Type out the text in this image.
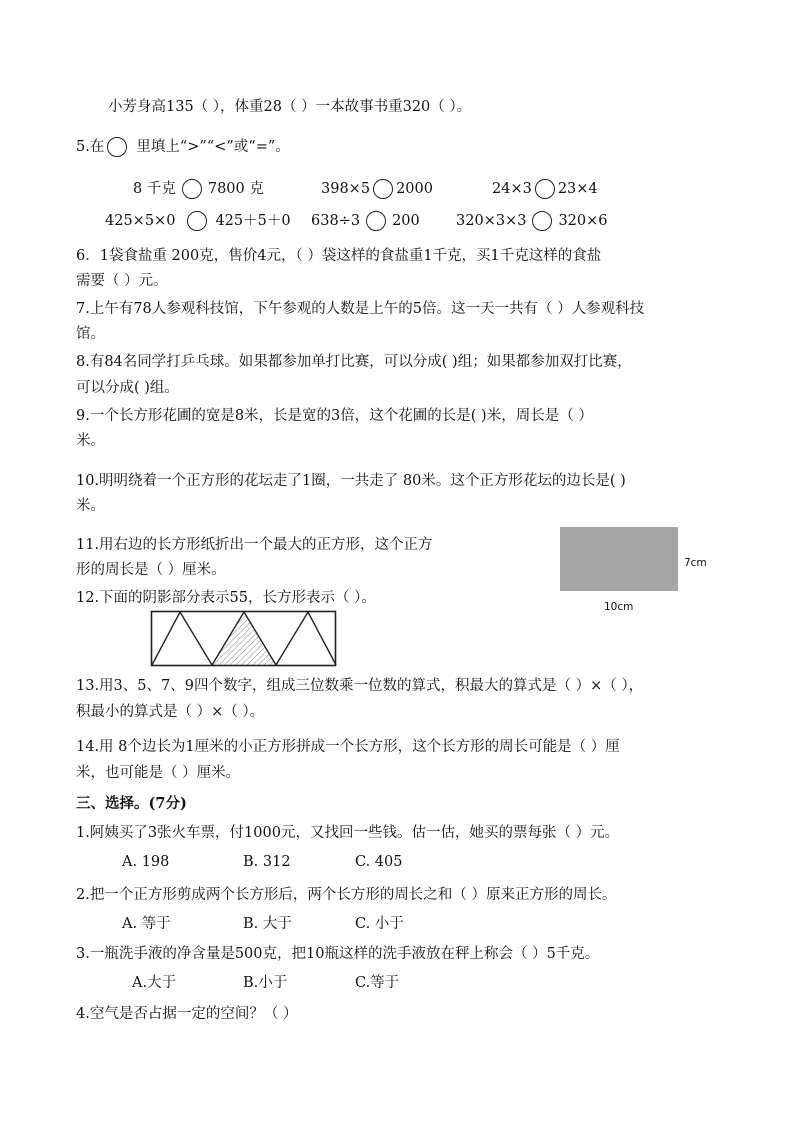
小芳身高135（ ），体重28（ ）一本故事书重320（ ）。
5.在 里填上“>”“<”或“=”。
8 千克 7800 克	398×5 2000	24×3 23×4
425×5×0	425＋5＋0 638÷3 200	320×3×3 320×6
6．1袋食盐重 200克，售价4元，（ ）袋这样的食盐重1千克，买1千克这样的食盐
需要（ ）元。
7.上午有78人参观科技馆，下午参观的人数是上午的5倍。这一天一共有（ ）人参观科技
馆。
8.有84名同学打乒乓球。如果都参加单打比赛，可以分成( )组；如果都参加双打比赛，
可以分成( )组。
9.一个长方形花圃的宽是8米，长是宽的3倍，这个花圃的长是( )米，周长是（ ）
米。
10.明明绕着一个正方形的花坛走了1圈，一共走了 80米。这个正方形花坛的边长是( )
米。
11.用右边的长方形纸折出一个最大的正方形，这个正方
形的周长是（ ）厘米。	7cm
10cm
12.下面的阴影部分表示55，长方形表示（ ）。
13.用3、5、7、9四个数字，组成三位数乘一位数的算式，积最大的算式是（ ）×（ ），
积最小的算式是（ ）×（ ）。
14.用 8个边长为1厘米的小正方形拼成一个长方形，这个长方形的周长可能是（ ）厘
米，也可能是（ ）厘米。
三、选择。(7分)
1.阿姨买了3张火车票，付1000元，又找回一些钱。估一估，她买的票每张（ ）元。
A. 198	B. 312	C. 405
2.把一个正方形剪成两个长方形后，两个长方形的周长之和（ ）原来正方形的周长。
A. 等于	B. 大于	C. 小于
3.一瓶洗手液的净含量是500克，把10瓶这样的洗手液放在秤上称会（ ）5千克。
A.大于	B.小于	C.等于
4.空气是否占据一定的空间？（ ）
